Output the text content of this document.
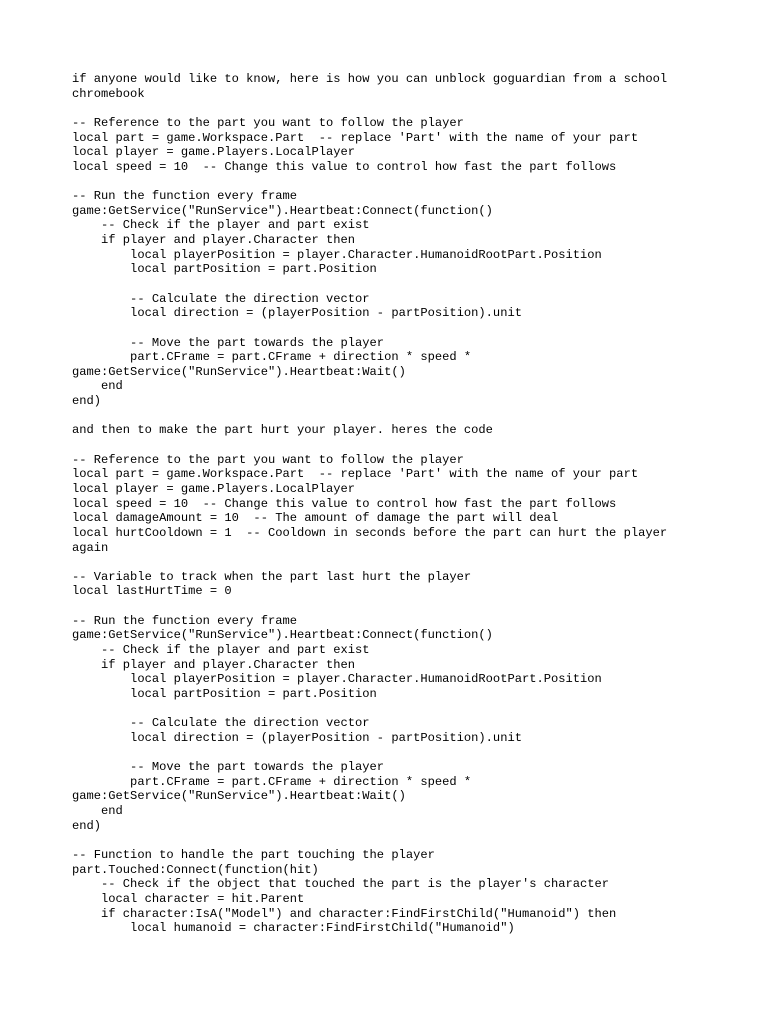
if anyone would like to know, here is how you can unblock goguardian from a school
chromebook
-- Reference to the part you want to follow the player
local part = game.Workspace.Part  -- replace 'Part' with the name of your part
local player = game.Players.LocalPlayer
local speed = 10  -- Change this value to control how fast the part follows
-- Run the function every frame
game:GetService("RunService").Heartbeat:Connect(function()
-- Check if the player and part exist
if player and player.Character then
local playerPosition = player.Character.HumanoidRootPart.Position
local partPosition = part.Position
-- Calculate the direction vector
local direction = (playerPosition - partPosition).unit
-- Move the part towards the player
part.CFrame = part.CFrame + direction * speed *
game:GetService("RunService").Heartbeat:Wait()
end
end)
and then to make the part hurt your player. heres the code
-- Reference to the part you want to follow the player
local part = game.Workspace.Part  -- replace 'Part' with the name of your part
local player = game.Players.LocalPlayer
local speed = 10  -- Change this value to control how fast the part follows
local damageAmount = 10  -- The amount of damage the part will deal
local hurtCooldown = 1  -- Cooldown in seconds before the part can hurt the player
again
-- Variable to track when the part last hurt the player
local lastHurtTime = 0
-- Run the function every frame
game:GetService("RunService").Heartbeat:Connect(function()
-- Check if the player and part exist
if player and player.Character then
local playerPosition = player.Character.HumanoidRootPart.Position
local partPosition = part.Position
-- Calculate the direction vector
local direction = (playerPosition - partPosition).unit
-- Move the part towards the player
part.CFrame = part.CFrame + direction * speed *
game:GetService("RunService").Heartbeat:Wait()
end
end)
-- Function to handle the part touching the player
part.Touched:Connect(function(hit)
-- Check if the object that touched the part is the player's character
local character = hit.Parent
if character:IsA("Model") and character:FindFirstChild("Humanoid") then
local humanoid = character:FindFirstChild("Humanoid")
